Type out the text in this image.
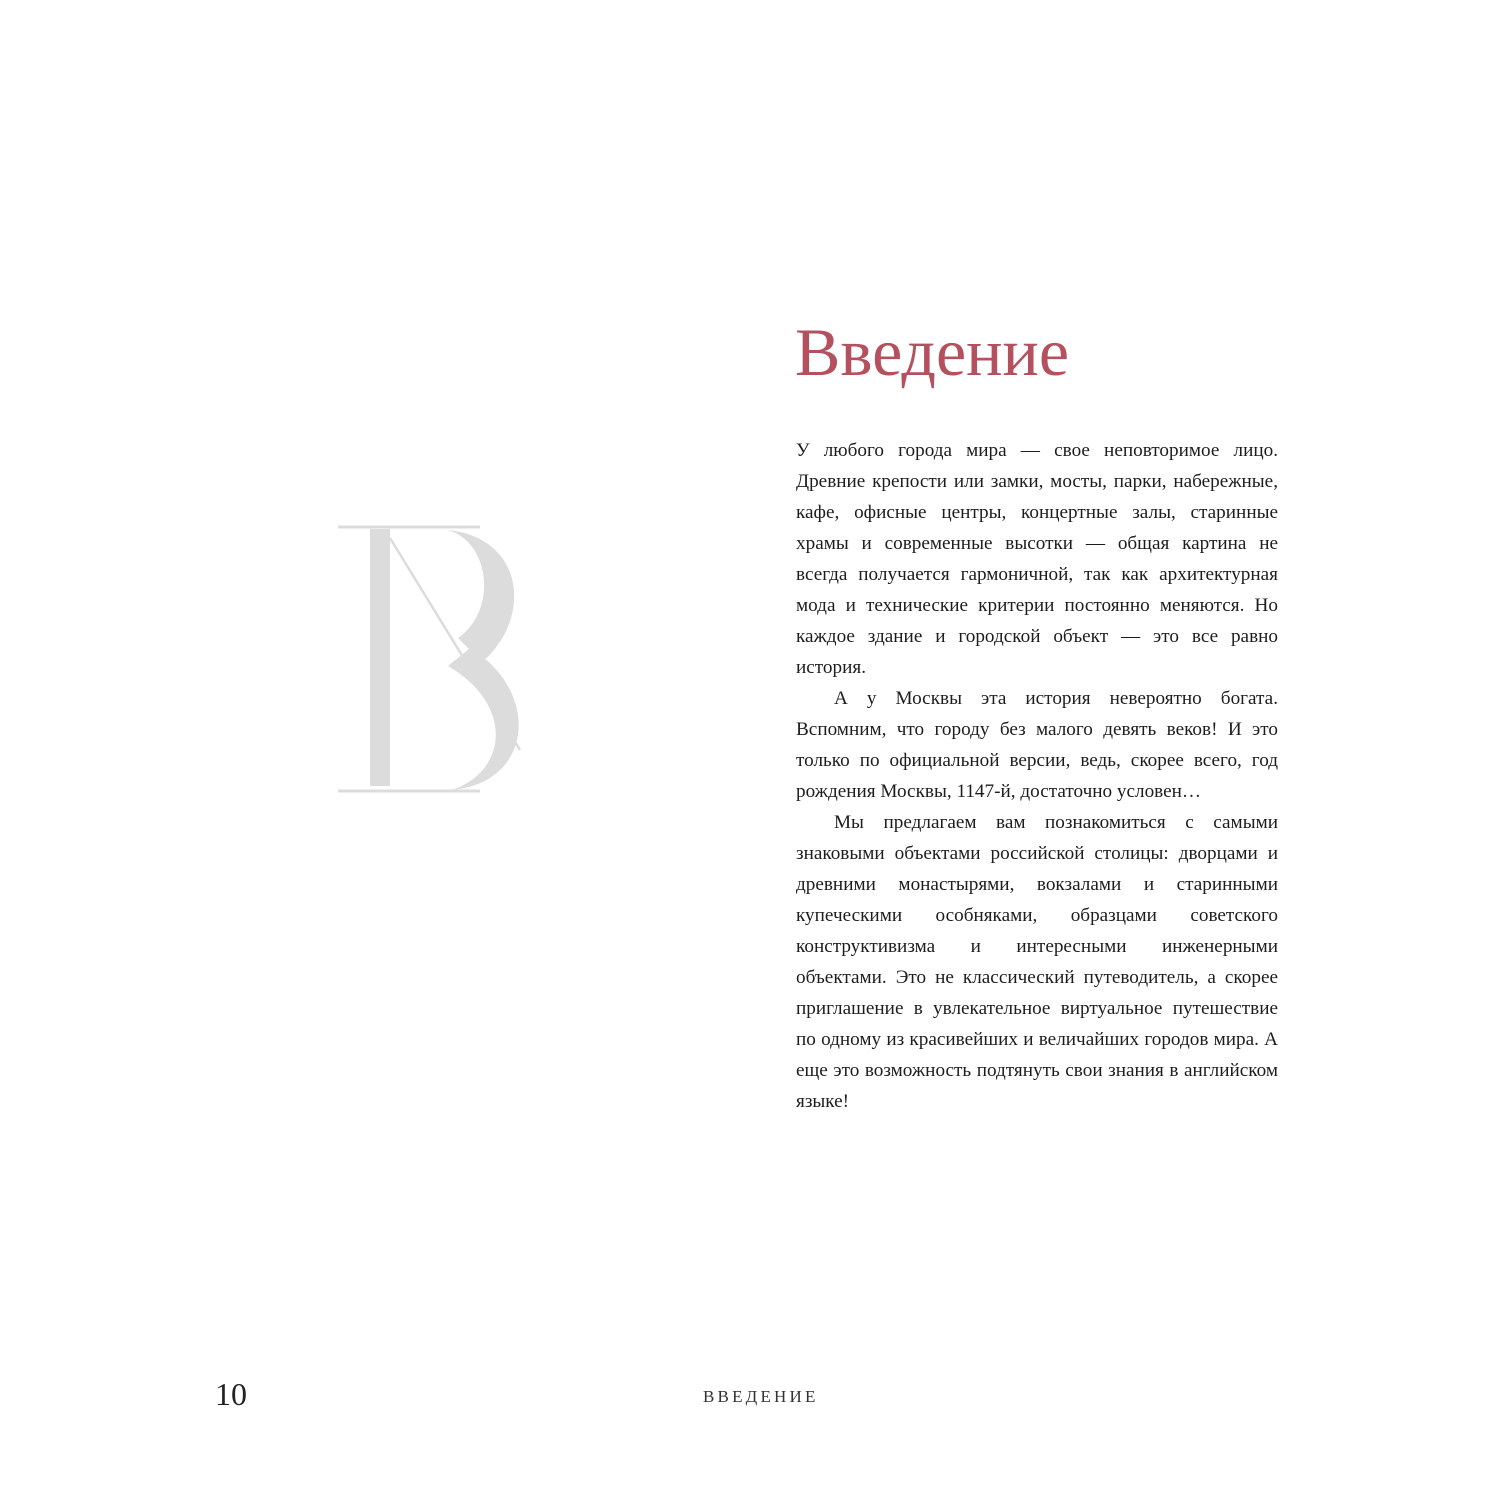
Введение

У любого города мира — свое неповторимое лицо. Древние крепости или замки, мосты, парки, набережные, кафе, офисные центры, концертные залы, старинные храмы и современные высотки — общая картина не всегда получается гармоничной, так как архитектурная мода и технические критерии постоянно меняются. Но каждое здание и городской объект — это все равно история.

А у Москвы эта история невероятно богата. Вспомним, что городу без малого девять веков! И это только по официальной версии, ведь, скорее всего, год рождения Москвы, 1147-й, достаточно условен…

Мы предлагаем вам познакомиться с самыми знаковыми объектами российской столицы: дворцами и древними монастырями, вокзалами и старинными купеческими особняками, образцами советского конструктивизма и интересными инженерными объектами. Это не классический путеводитель, а скорее приглашение в увлекательное виртуальное путешествие по одному из красивейших и величайших городов мира. А еще это возможность подтянуть свои знания в английском языке!

10	ВВЕДЕНИЕ
